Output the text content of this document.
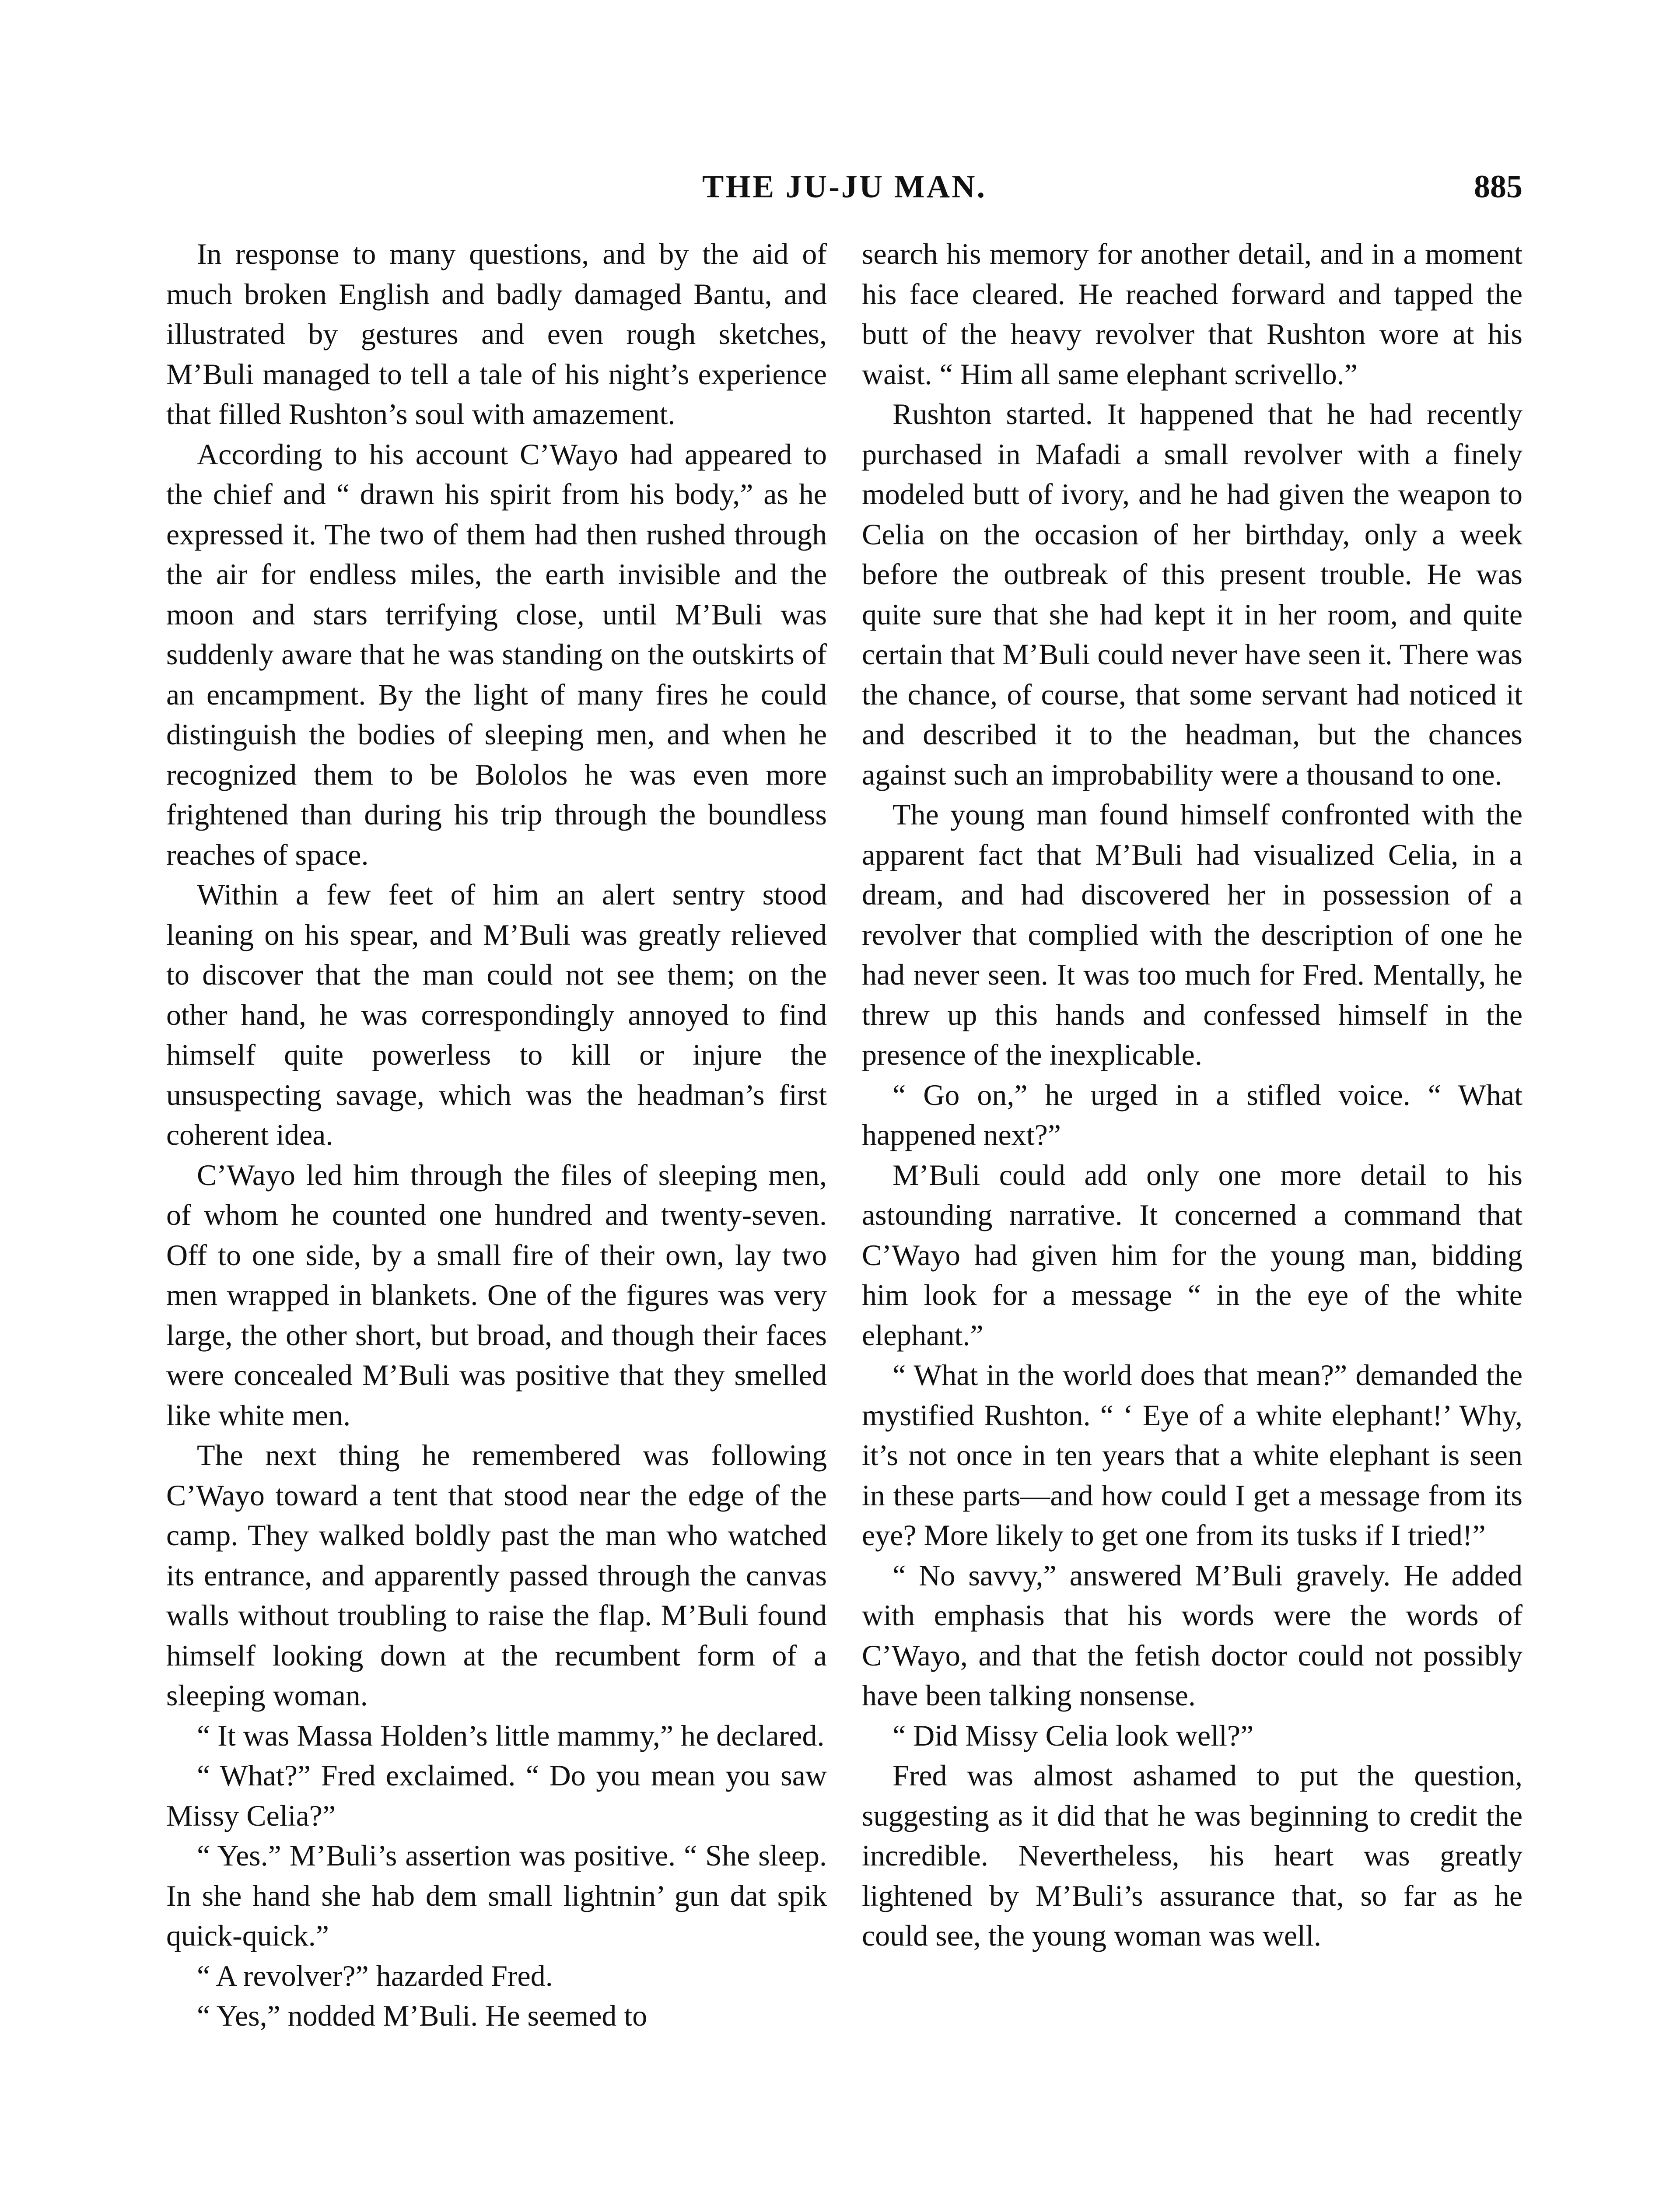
THE JU-JU MAN.	885

In response to many questions, and by the aid of much broken English and badly damaged Bantu, and illustrated by gestures and even rough sketches, M’Buli managed to tell a tale of his night’s experience that filled Rushton’s soul with amazement.

According to his account C’Wayo had appeared to the chief and “ drawn his spirit from his body,” as he expressed it. The two of them had then rushed through the air for endless miles, the earth invisible and the moon and stars terrifying close, until M’Buli was suddenly aware that he was standing on the outskirts of an encampment. By the light of many fires he could distinguish the bodies of sleeping men, and when he recognized them to be Bololos he was even more frightened than during his trip through the boundless reaches of space.

Within a few feet of him an alert sentry stood leaning on his spear, and M’Buli was greatly relieved to discover that the man could not see them; on the other hand, he was correspondingly annoyed to find himself quite powerless to kill or injure the unsuspecting savage, which was the headman’s first coherent idea.

C’Wayo led him through the files of sleeping men, of whom he counted one hundred and twenty-seven. Off to one side, by a small fire of their own, lay two men wrapped in blankets. One of the figures was very large, the other short, but broad, and though their faces were concealed M’Buli was positive that they smelled like white men.

The next thing he remembered was following C’Wayo toward a tent that stood near the edge of the camp. They walked boldly past the man who watched its entrance, and apparently passed through the canvas walls without troubling to raise the flap. M’Buli found himself looking down at the recumbent form of a sleeping woman.

“ It was Massa Holden’s little mammy,” he declared.

“ What?” Fred exclaimed. “ Do you mean you saw Missy Celia?”

“ Yes.” M’Buli’s assertion was positive. “ She sleep. In she hand she hab dem small lightnin’ gun dat spik quick-quick.”

“ A revolver?” hazarded Fred.

“ Yes,” nodded M’Buli. He seemed to

search his memory for another detail, and in a moment his face cleared. He reached forward and tapped the butt of the heavy revolver that Rushton wore at his waist. “ Him all same elephant scrivello.”

Rushton started. It happened that he had recently purchased in Mafadi a small revolver with a finely modeled butt of ivory, and he had given the weapon to Celia on the occasion of her birthday, only a week before the outbreak of this present trouble. He was quite sure that she had kept it in her room, and quite certain that M’Buli could never have seen it. There was the chance, of course, that some servant had noticed it and described it to the headman, but the chances against such an improbability were a thousand to one.

The young man found himself confronted with the apparent fact that M’Buli had visualized Celia, in a dream, and had discovered her in possession of a revolver that complied with the description of one he had never seen. It was too much for Fred. Mentally, he threw up this hands and confessed himself in the presence of the inexplicable.

“ Go on,” he urged in a stifled voice. “ What happened next?”

M’Buli could add only one more detail to his astounding narrative. It concerned a command that C’Wayo had given him for the young man, bidding him look for a message “ in the eye of the white elephant.”

“ What in the world does that mean?” demanded the mystified Rushton. “ ‘ Eye of a white elephant!’ Why, it’s not once in ten years that a white elephant is seen in these parts—and how could I get a message from its eye? More likely to get one from its tusks if I tried!”

“ No savvy,” answered M’Buli gravely. He added with emphasis that his words were the words of C’Wayo, and that the fetish doctor could not possibly have been talking nonsense.

“ Did Missy Celia look well?”

Fred was almost ashamed to put the question, suggesting as it did that he was beginning to credit the incredible. Nevertheless, his heart was greatly lightened by M’Buli’s assurance that, so far as he could see, the young woman was well.
